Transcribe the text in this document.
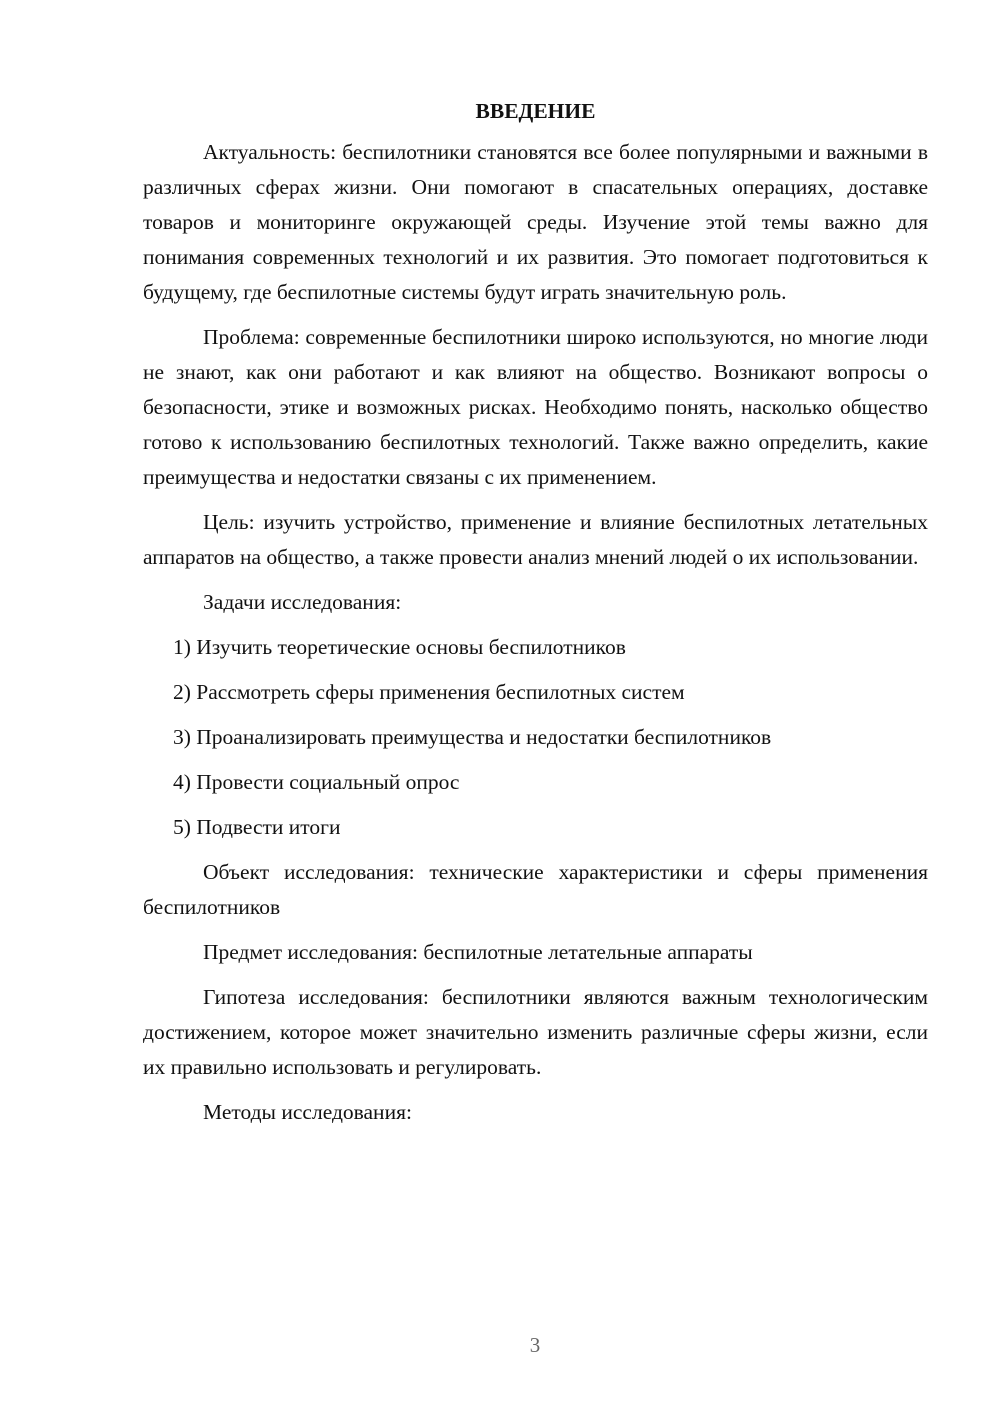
ВВЕДЕНИЕ

Актуальность: беспилотники становятся все более популярными и важными в различных сферах жизни. Они помогают в спасательных операциях, доставке товаров и мониторинге окружающей среды. Изучение этой темы важно для понимания современных технологий и их развития. Это помогает подготовиться к будущему, где беспилотные системы будут играть значительную роль.

Проблема: современные беспилотники широко используются, но многие люди не знают, как они работают и как влияют на общество. Возникают вопросы о безопасности, этике и возможных рисках. Необходимо понять, насколько общество готово к использованию беспилотных технологий. Также важно определить, какие преимущества и недостатки связаны с их применением.

Цель: изучить устройство, применение и влияние беспилотных летательных аппаратов на общество, а также провести анализ мнений людей о их использовании.

Задачи исследования:

1) Изучить теоретические основы беспилотников
2) Рассмотреть сферы применения беспилотных систем
3) Проанализировать преимущества и недостатки беспилотников
4) Провести социальный опрос
5) Подвести итоги

Объект исследования: технические характеристики и сферы применения беспилотников

Предмет исследования: беспилотные летательные аппараты

Гипотеза исследования: беспилотники являются важным технологическим достижением, которое может значительно изменить различные сферы жизни, если их правильно использовать и регулировать.

Методы исследования:

3
